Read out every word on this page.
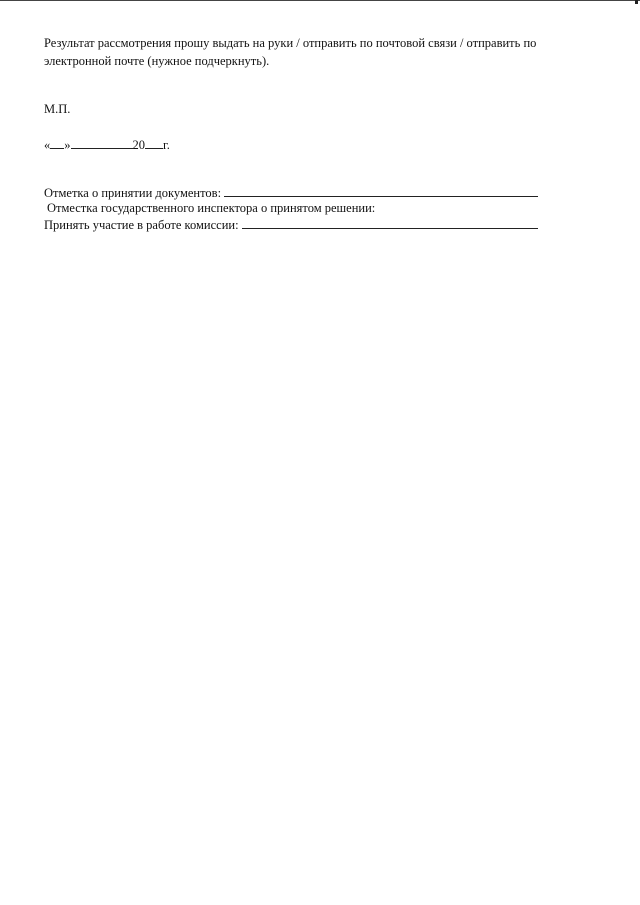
Результат рассмотрения прошу выдать на руки / отправить по почтовой связи / отправить по электронной почте (нужное подчеркнуть).

М.П.
« »	20 г.
Отметка о принятии документов:
Отместка государственного инспектора о принятом решении:
Принять участие в работе комиссии:
